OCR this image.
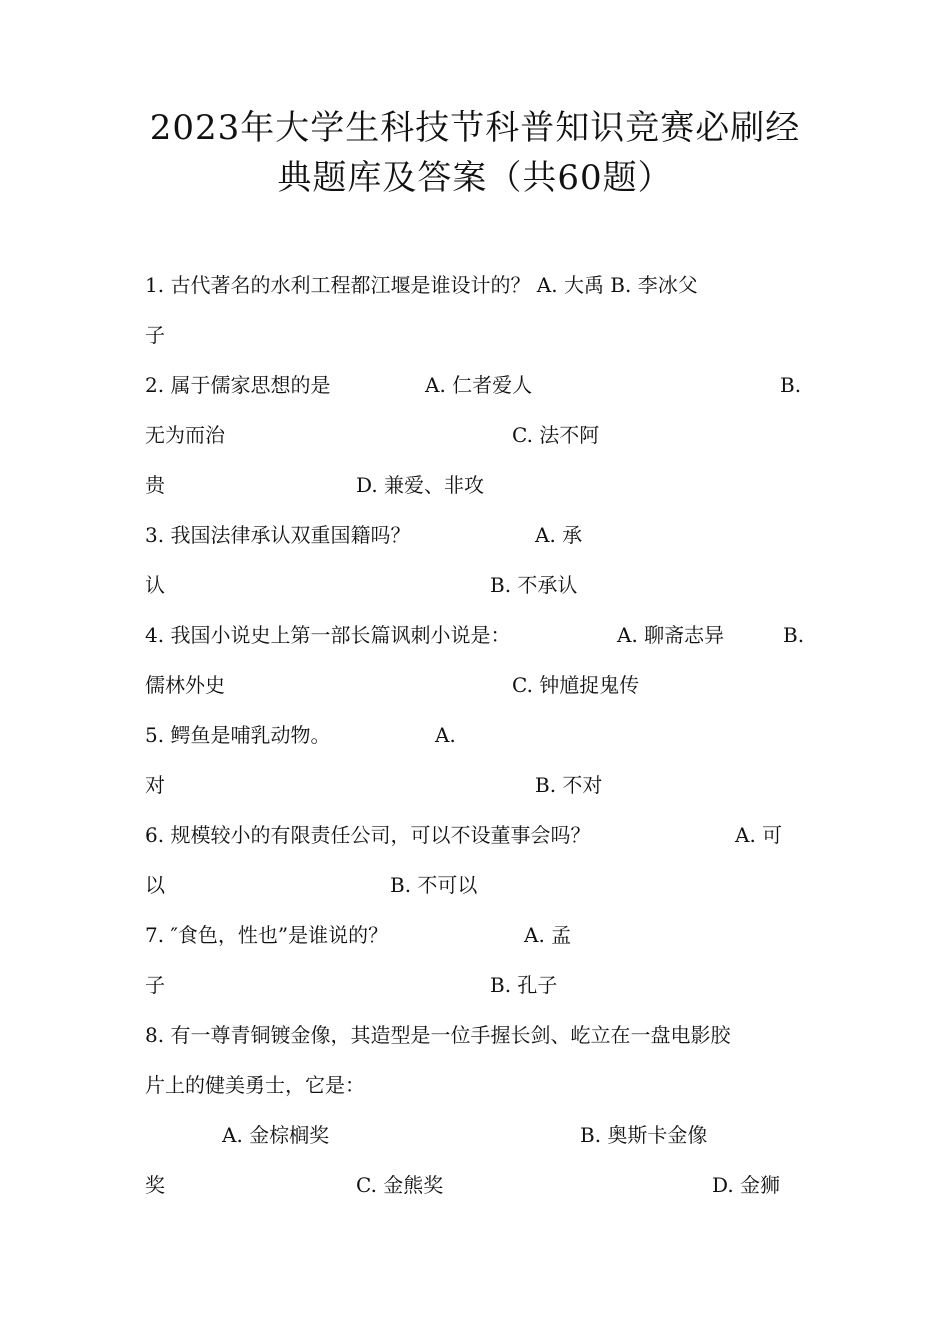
2023年大学生科技节科普知识竞赛必刷经
典题库及答案（共60题）
1. 古代著名的水利工程都江堰是谁设计的？ A. 大禹 B. 李冰父
子
2. 属于儒家思想的是	A. 仁者爱人	B.
无为而治	C. 法不阿
贵	D. 兼爱、非攻
3. 我国法律承认双重国籍吗？	A. 承
认	B. 不承认
4. 我国小说史上第一部长篇讽刺小说是：	A. 聊斋志异	B.
儒林外史	C. 钟馗捉鬼传
5. 鳄鱼是哺乳动物。	A.
对	B. 不对
6. 规模较小的有限责任公司，可以不设董事会吗？	A. 可
以	B. 不可以
7. ″食色，性也”是谁说的？	A. 孟
子	B. 孔子
8. 有一尊青铜镀金像，其造型是一位手握长剑、屹立在一盘电影胶
片上的健美勇士，它是：
A. 金棕榈奖	B. 奥斯卡金像
奖	C. 金熊奖	D. 金狮
